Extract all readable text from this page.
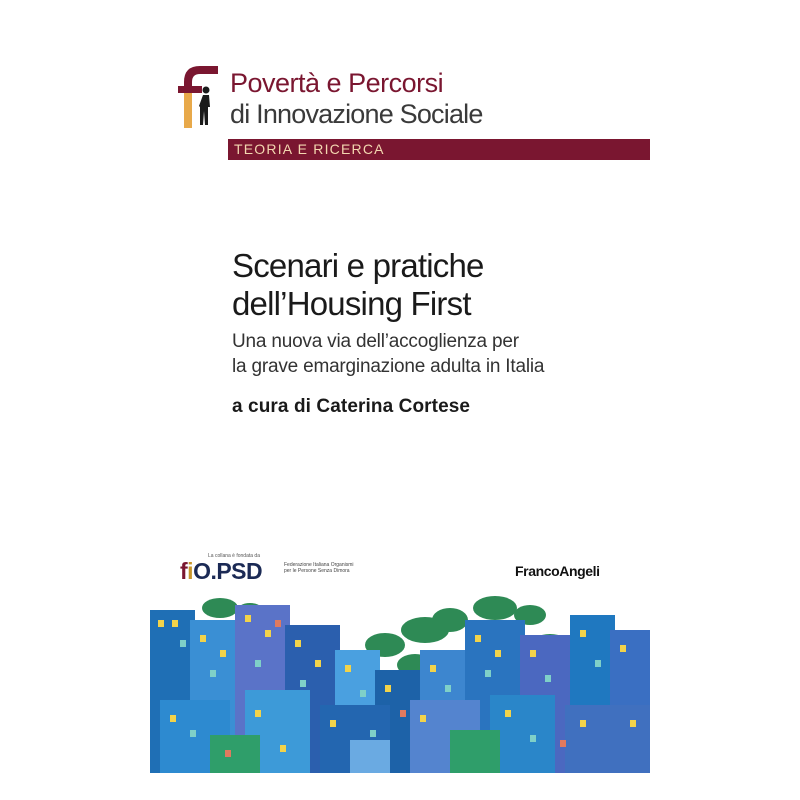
Povertà e Percorsi
di Innovazione Sociale
TEORIA E RICERCA
Scenari e pratiche
dell’Housing First
Una nuova via dell’accoglienza per
la grave emarginazione adulta in Italia
a cura di Caterina Cortese
La collana è fondata da
fiO.PSD	Federazione Italiana Organismi
per le Persone Senza Dimora	FrancoAngeli
